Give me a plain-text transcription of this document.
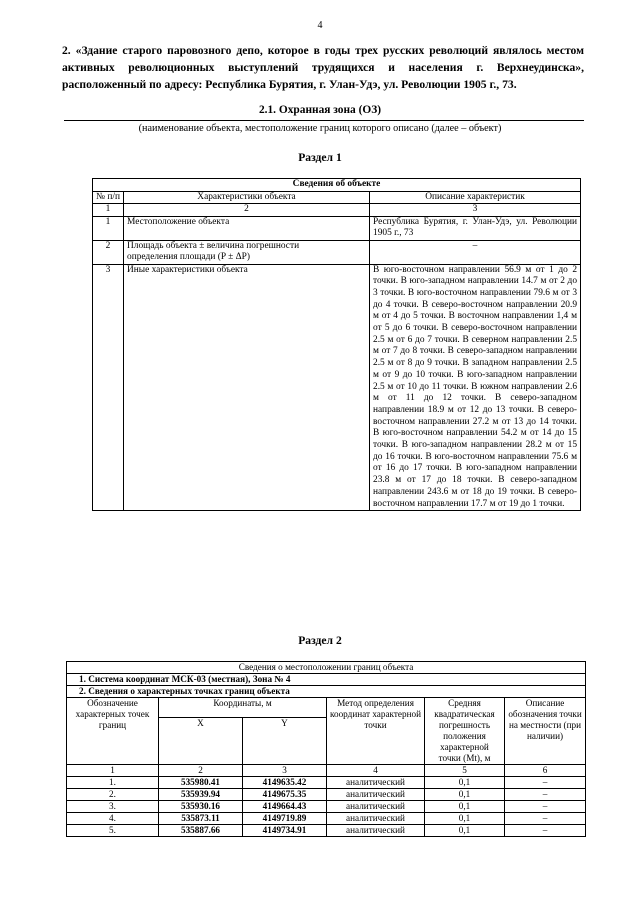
4
2. «Здание старого паровозного депо, которое в годы трех русских революций являлось местом активных революционных выступлений трудящихся и населения г. Верхнеудинска», расположенный по адресу: Республика Бурятия, г. Улан-Удэ, ул. Революции 1905 г., 73.
2.1. Охранная зона (ОЗ)
(наименование объекта, местоположение границ которого описано (далее – объект)
Раздел 1
Сведения об объекте		
№ п/п	Характеристики объекта	Описание характеристик
1	2	3
1	Местоположение объекта	Республика Бурятия, г. Улан-Удэ, ул. Революции 1905 г., 73
2	Площадь объекта ± величина погрешности определения площади (P ± ΔP)	–
3	Иные характеристики объекта	В юго-восточном направлении 56.9 м от 1 до 2 точки. В юго-западном направлении 14.7 м от 2 до 3 точки. В юго-восточном направлении 79.6 м от 3 до 4 точки. В северо-восточном направлении 20.9 м от 4 до 5 точки. В восточном направлении 1,4 м от 5 до 6 точки. В северо-восточном направлении 2.5 м от 6 до 7 точки. В северном направлении 2.5 м от 7 до 8 точки. В северо-западном направлении 2.5 м от 8 до 9 точки. В западном направлении 2.5 м от 9 до 10 точки. В юго-западном направлении 2.5 м от 10 до 11 точки. В южном направлении 2.6 м от 11 до 12 точки. В северо-западном направлении 18.9 м от 12 до 13 точки. В северо-восточном направлении 27.2 м от 13 до 14 точки. В юго-восточном направлении 54.2 м от 14 до 15 точки. В юго-западном направлении 28.2 м от 15 до 16 точки. В юго-восточном направлении 75.6 м от 16 до 17 точки. В юго-западном направлении 23.8 м от 17 до 18 точки. В северо-западном направлении 243.6 м от 18 до 19 точки. В северо-восточном направлении 17.7 м от 19 до 1 точки.
Раздел 2
Сведения о местоположении границ объекта					
1. Система координат МСК-03 (местная), Зона № 4					
2. Сведения о характерных точках границ объекта					
Обозначение характерных точек границ	Координаты, м		Метод определения координат характерной точки	Средняя квадратическая погрешность положения характерной точки (Мt), м	Описание обозначения точки на местности (при наличии)
	X	Y			
1	2	3	4	5	6
1.	535980.41	4149635.42	аналитический	0,1	–
2.	535939.94	4149675.35	аналитический	0,1	–
3.	535930.16	4149664.43	аналитический	0,1	–
4.	535873.11	4149719.89	аналитический	0,1	–
5.	535887.66	4149734.91	аналитический	0,1	–
